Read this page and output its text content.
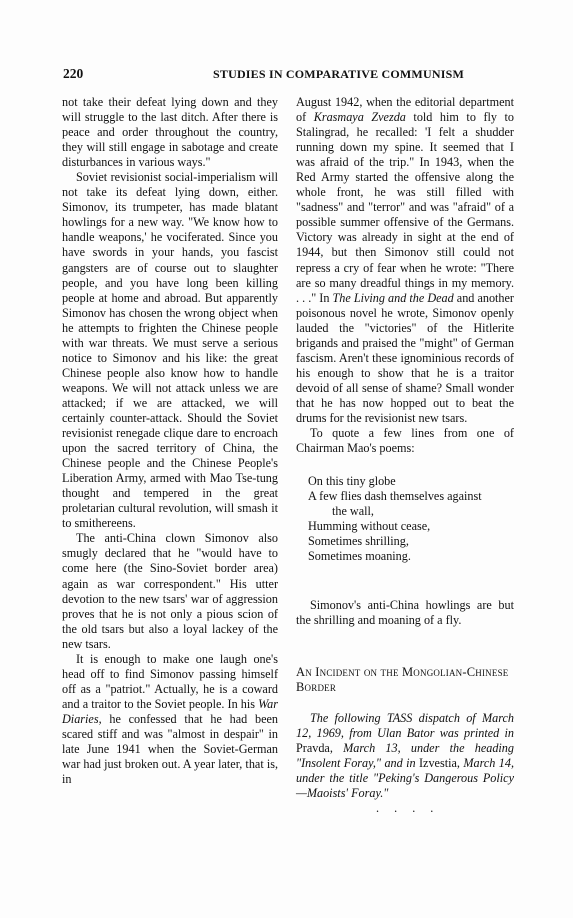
220	STUDIES IN COMPARATIVE COMMUNISM

not take their defeat lying down and they will struggle to the last ditch. After there is peace and order throughout the country, they will still engage in sabotage and create disturbances in various ways."

Soviet revisionist social-imperialism will not take its defeat lying down, either. Simonov, its trumpeter, has made blatant howlings for a new way. "We know how to handle weapons,' he vociferated. Since you have swords in your hands, you fascist gangsters are of course out to slaughter people, and you have long been killing people at home and abroad. But apparently Simonov has chosen the wrong object when he attempts to frighten the Chinese people with war threats. We must serve a serious notice to Simonov and his like: the great Chinese people also know how to handle weapons. We will not attack unless we are attacked; if we are attacked, we will certainly counter-attack. Should the Soviet revisionist renegade clique dare to encroach upon the sacred territory of China, the Chinese people and the Chinese People's Liberation Army, armed with Mao Tse-tung thought and tempered in the great proletarian cultural revolution, will smash it to smithereens.

The anti-China clown Simonov also smugly declared that he "would have to come here (the Sino-Soviet border area) again as war correspondent." His utter devotion to the new tsars' war of aggression proves that he is not only a pious scion of the old tsars but also a loyal lackey of the new tsars.

It is enough to make one laugh one's head off to find Simonov passing himself off as a "patriot." Actually, he is a coward and a traitor to the Soviet people. In his War Diaries, he confessed that he had been scared stiff and was "almost in despair" in late June 1941 when the Soviet-German war had just broken out. A year later, that is, in

August 1942, when the editorial department of Krasmaya Zvezda told him to fly to Stalingrad, he recalled: 'I felt a shudder running down my spine. It seemed that I was afraid of the trip." In 1943, when the Red Army started the offensive along the whole front, he was still filled with "sadness" and "terror" and was "afraid" of a possible summer offensive of the Germans. Victory was already in sight at the end of 1944, but then Simonov still could not repress a cry of fear when he wrote: "There are so many dreadful things in my memory. . . ." In The Living and the Dead and another poisonous novel he wrote, Simonov openly lauded the "victories" of the Hitlerite brigands and praised the "might" of German fascism. Aren't these ignominious records of his enough to show that he is a traitor devoid of all sense of shame? Small wonder that he has now hopped out to beat the drums for the revisionist new tsars.

To quote a few lines from one of Chairman Mao's poems:

On this tiny globe
A few flies dash themselves against
the wall,
Humming without cease,
Sometimes shrilling,
Sometimes moaning.

Simonov's anti-China howlings are but the shrilling and moaning of a fly.

An Incident on the Mongolian-Chinese Border

The following TASS dispatch of March 12, 1969, from Ulan Bator was printed in Pravda, March 13, under the heading "Insolent Foray," and in Izvestia, March 14, under the title "Peking's Dangerous Policy—Maoists' Foray."

. . . .
